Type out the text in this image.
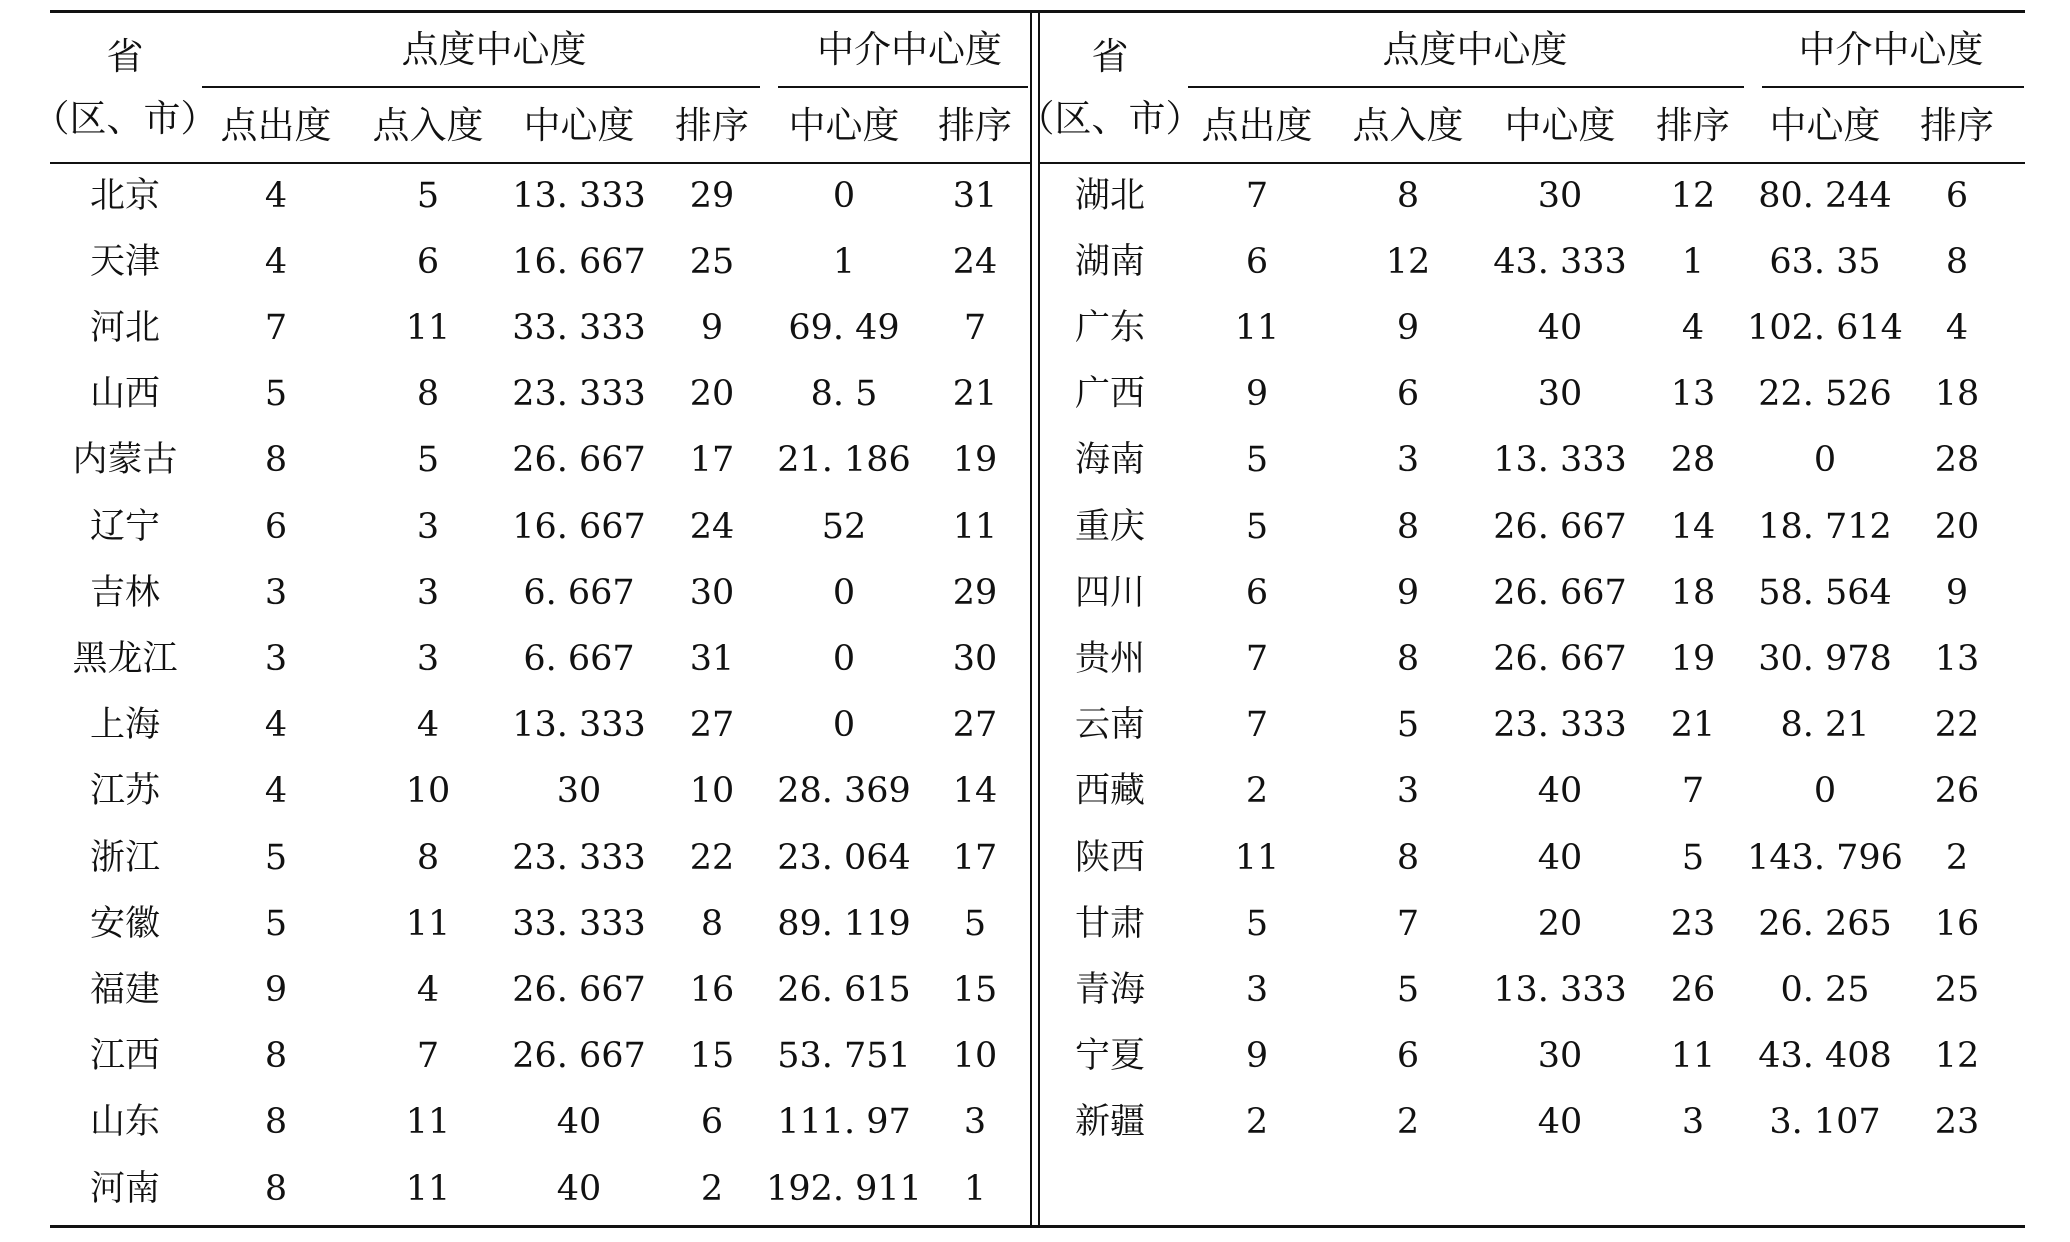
省
（区、市）
点度中心度	中介中心度
点出度	点入度	中心度	排序	中心度	排序
省
（区、市）
点度中心度	中介中心度
点出度	点入度	中心度	排序	中心度	排序
北京	4	5	13. 333	29	0	31
天津	4	6	16. 667	25	1	24
河北	7	11	33. 333	9	69. 49	7
山西	5	8	23. 333	20	8. 5	21
内蒙古	8	5	26. 667	17	21. 186	19
辽宁	6	3	16. 667	24	52	11
吉林	3	3	6. 667	30	0	29
黑龙江	3	3	6. 667	31	0	30
上海	4	4	13. 333	27	0	27
江苏	4	10	30	10	28. 369	14
浙江	5	8	23. 333	22	23. 064	17
安徽	5	11	33. 333	8	89. 119	5
福建	9	4	26. 667	16	26. 615	15
江西	8	7	26. 667	15	53. 751	10
山东	8	11	40	6	111. 97	3
河南	8	11	40	2	192. 911	1
湖北	7	8	30	12	80. 244	6
湖南	6	12	43. 333	1	63. 35	8
广东	11	9	40	4	102. 614	4
广西	9	6	30	13	22. 526	18
海南	5	3	13. 333	28	0	28
重庆	5	8	26. 667	14	18. 712	20
四川	6	9	26. 667	18	58. 564	9
贵州	7	8	26. 667	19	30. 978	13
云南	7	5	23. 333	21	8. 21	22
西藏	2	3	40	7	0	26
陕西	11	8	40	5	143. 796	2
甘肃	5	7	20	23	26. 265	16
青海	3	5	13. 333	26	0. 25	25
宁夏	9	6	30	11	43. 408	12
新疆	2	2	40	3	3. 107	23
